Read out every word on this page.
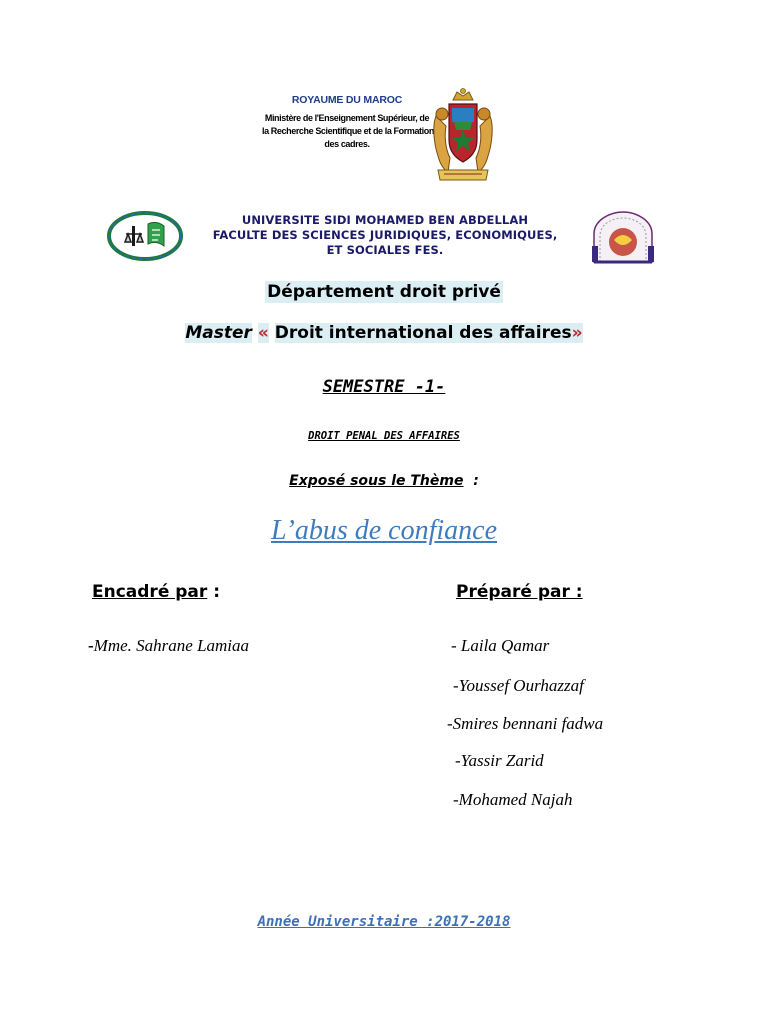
ROYAUME DU MAROC
Ministère de l'Enseignement Supérieur, de
la Recherche Scientifique et de la Formation
des cadres.
UNIVERSITE SIDI MOHAMED BEN ABDELLAH
FACULTE DES SCIENCES JURIDIQUES, ECONOMIQUES,
ET SOCIALES FES.
Département droit privé
Master « Droit international des affaires»
SEMESTRE -1-
DROIT PENAL DES AFFAIRES
Exposé sous le Thème :
L’abus de confiance
Encadré par :
-Mme. Sahrane Lamiaa
Préparé par :
- Laila Qamar
-Youssef Ourhazzaf
-Smires bennani fadwa
-Yassir Zarid
-Mohamed Najah
Année Universitaire :2017-2018
